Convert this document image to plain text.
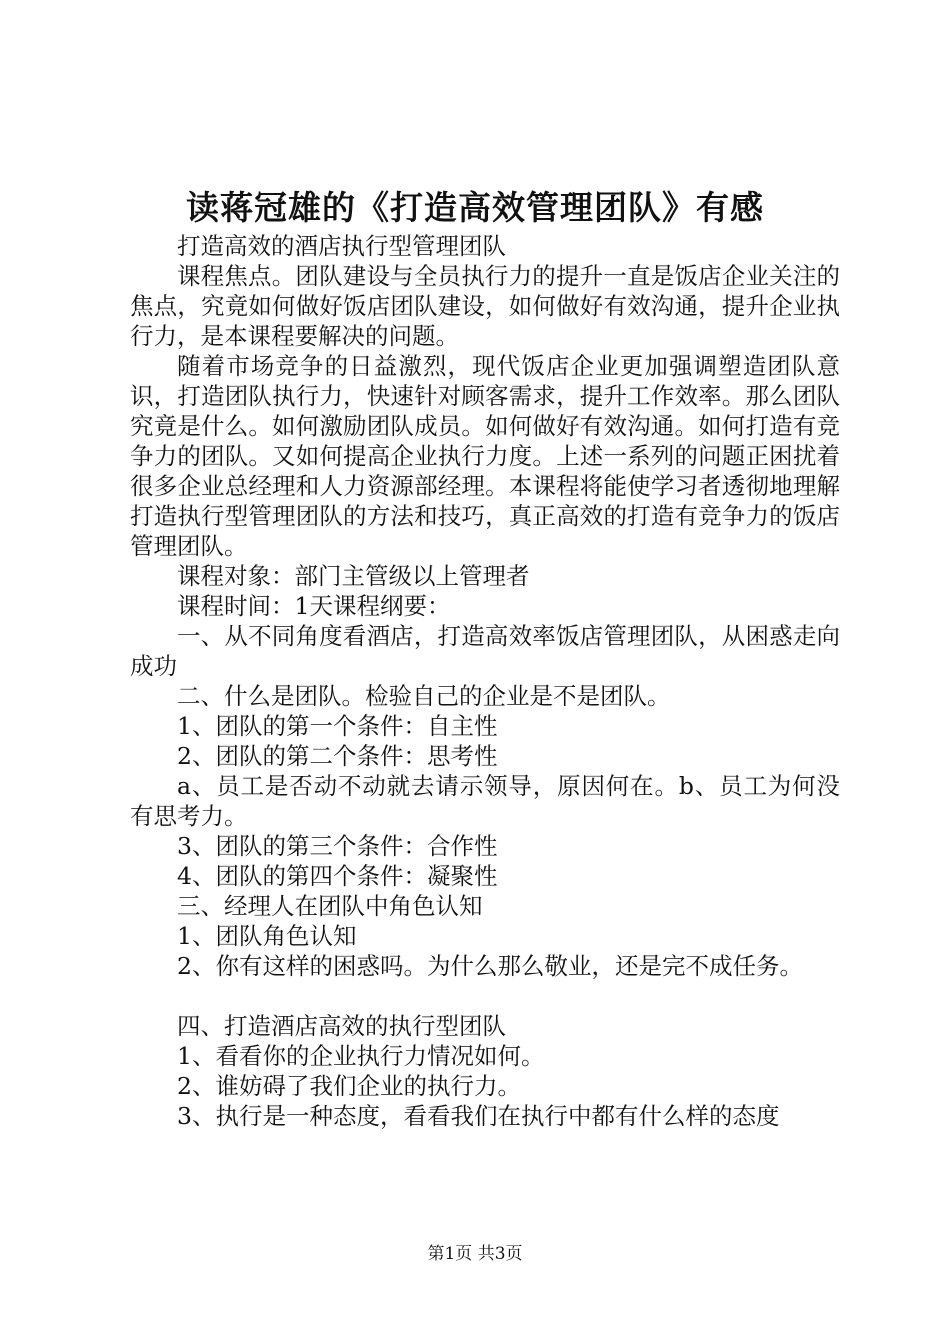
读蒋冠雄的《打造高效管理团队》有感

打造高效的酒店执行型管理团队

课程焦点。团队建设与全员执行力的提升一直是饭店企业关注的焦点，究竟如何做好饭店团队建设，如何做好有效沟通，提升企业执行力，是本课程要解决的问题。

随着市场竞争的日益激烈，现代饭店企业更加强调塑造团队意识，打造团队执行力，快速针对顾客需求，提升工作效率。那么团队究竟是什么。如何激励团队成员。如何做好有效沟通。如何打造有竞争力的团队。又如何提高企业执行力度。上述一系列的问题正困扰着很多企业总经理和人力资源部经理。本课程将能使学习者透彻地理解打造执行型管理团队的方法和技巧，真正高效的打造有竞争力的饭店管理团队。

课程对象：部门主管级以上管理者

课程时间：1天课程纲要：

一、从不同角度看酒店，打造高效率饭店管理团队，从困惑走向成功

二、什么是团队。检验自己的企业是不是团队。

1、团队的第一个条件：自主性

2、团队的第二个条件：思考性

a、员工是否动不动就去请示领导，原因何在。b、员工为何没有思考力。

3、团队的第三个条件：合作性

4、团队的第四个条件：凝聚性

三、经理人在团队中角色认知

1、团队角色认知

2、你有这样的困惑吗。为什么那么敬业，还是完不成任务。

四、打造酒店高效的执行型团队

1、看看你的企业执行力情况如何。

2、谁妨碍了我们企业的执行力。

3、执行是一种态度，看看我们在执行中都有什么样的态度

第1页 共3页
